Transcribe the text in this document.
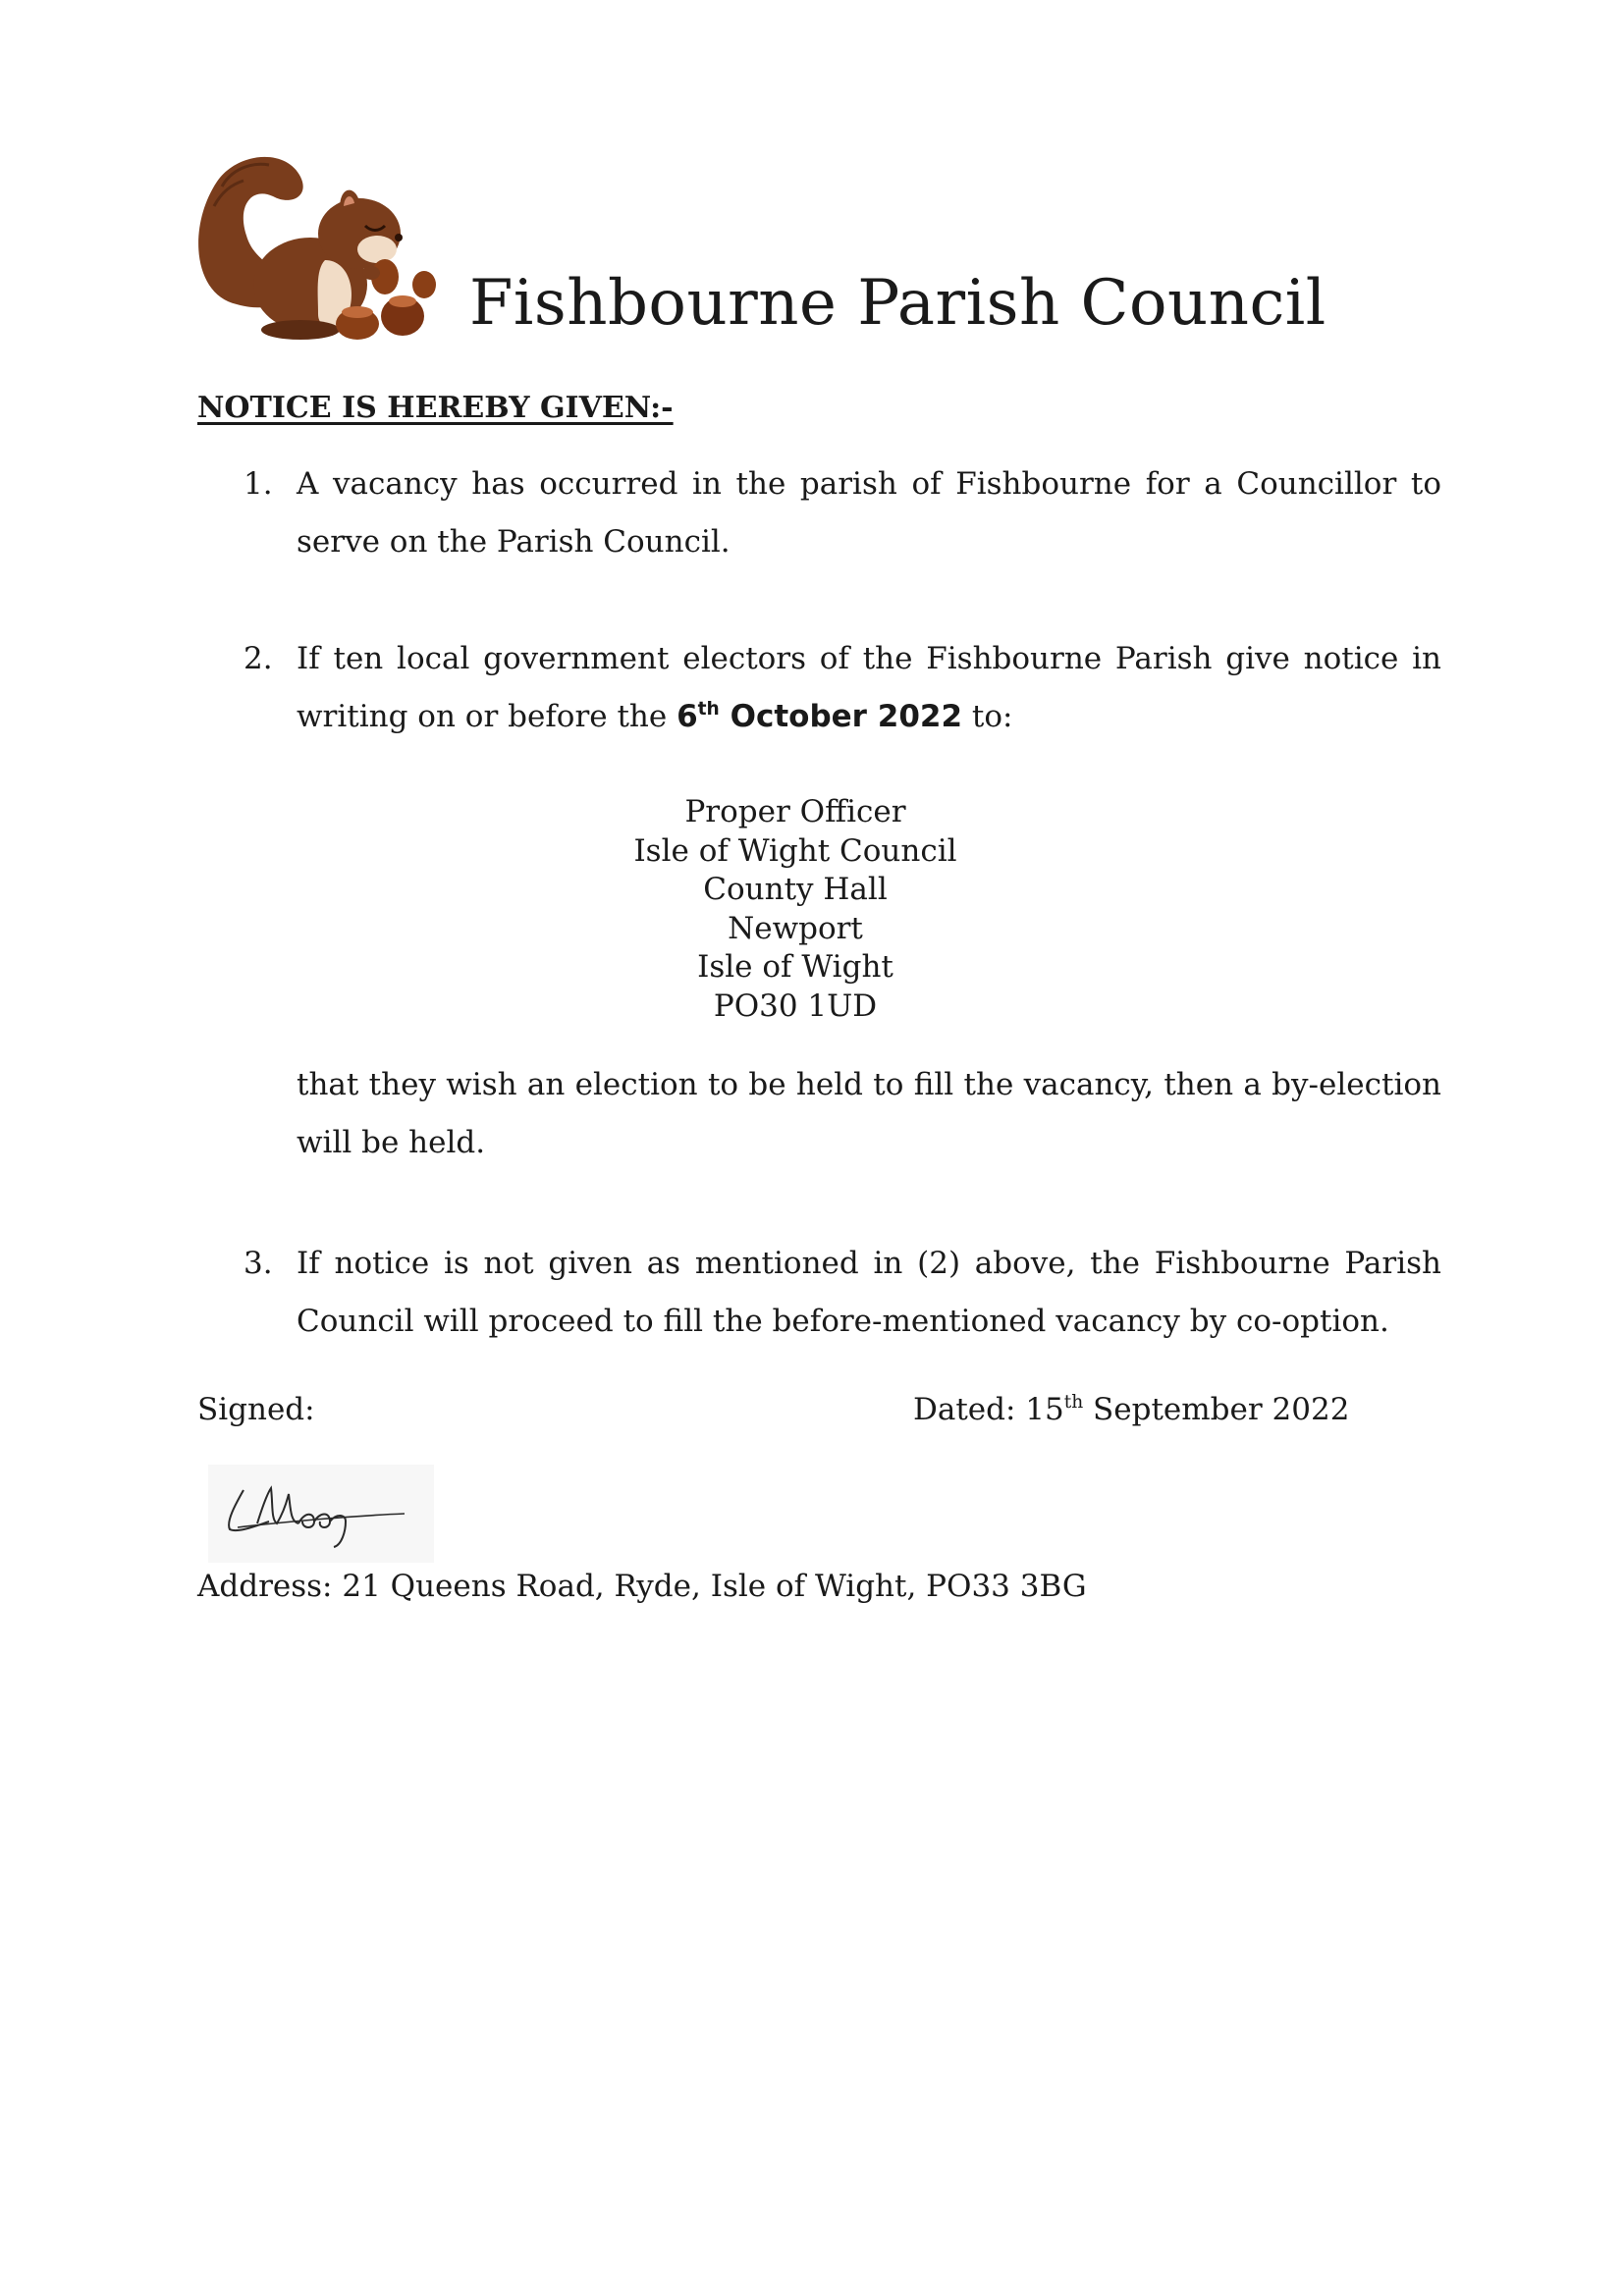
Fishbourne Parish Council
NOTICE IS HEREBY GIVEN:-
1. A vacancy has occurred in the parish of Fishbourne for a Councillor to serve on the Parish Council.
2. If ten local government electors of the Fishbourne Parish give notice in writing on or before the 6th October 2022 to:
Proper Officer
Isle of Wight Council
County Hall
Newport
Isle of Wight
PO30 1UD
that they wish an election to be held to fill the vacancy, then a by-election will be held.
3. If notice is not given as mentioned in (2) above, the Fishbourne Parish Council will proceed to fill the before-mentioned vacancy by co-option.
Signed:	Dated: 15th September 2022
Address: 21 Queens Road, Ryde, Isle of Wight, PO33 3BG
